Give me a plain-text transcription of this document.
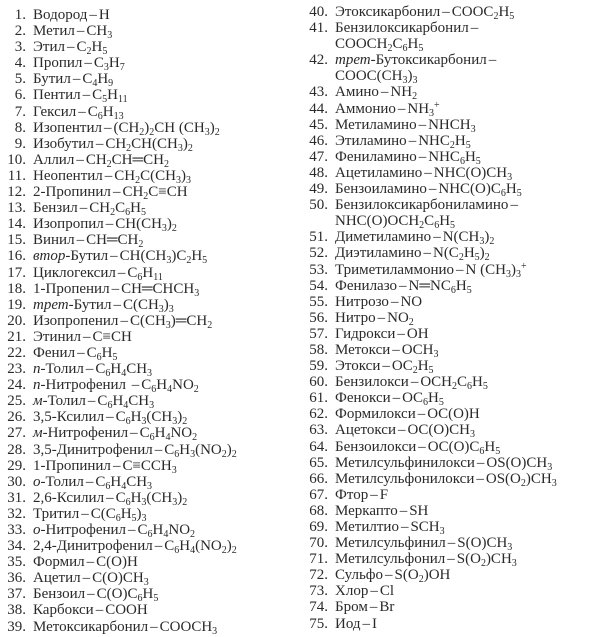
1. Водород – H
2. Метил – $CH_3$
3. Этил – $C_2H_5$
4. Пропил – $C_3H_7$
5. Бутил – $C_4H_9$
6. Пентил – $C_5H_{11}$
7. Гексил – $C_6H_{13}$
8. Изопентил – $(CH_2)_2CH$ $(CH_3)_2$
9. Изобутил – $CH_2CH(CH_3)_2$
10. Аллил – $CH_2CH═CH_2$
11. Неопентил – $CH_2C(CH_3)_3$
12. 2-Пропинил – $CH_2C\equiv CH$
13. Бензил – $CH_2C_6H_5$
14. Изопропил – $CH(CH_3)_2$
15. Винил – $CH═CH_2$
16. втор-Бутил – $CH(CH_3)C_2H_5$
17. Циклогексил – $C_6H_{11}$
18. 1-Пропенил – $CH═CHCH_3$
19. трет-Бутил – $C(CH_3)_3$
20. Изопропенил – $C(CH_3)═CH_2$
21. Этинил – C≡CH
22. Фенил – $C_6H_5$
23. п-Толил – $C_6H_4CH_3$
24. п-Нитрофенил – $C_6H_4NO_2$
25. м-Толил – $C_6H_4CH_3$
26. 3,5-Ксилил – $C_6H_3(CH_3)_2$
27. м-Нитрофенил – $C_6H_4NO_2$
28. 3,5-Динитрофенил – $C_6H_3(NO_2)_2$
29. 1-Пропинил – $C\equiv CCH_3$
30. о-Толил – $C_6H_4CH_3$
31. 2,6-Ксилил – $C_6H_3(CH_3)_2$
32. Тритил – $C(C_6H_5)_3$
33. о-Нитрофенил – $C_6H_4NO_2$
34. 2,4-Динитрофенил – $C_6H_4(NO_2)_2$
35. Формил – C(O)H
36. Ацетил – $C(O)CH_3$
37. Бензоил – $C(O)C_6H_5$
38. Карбокси – COOH
39. Метоксикарбонил – $COOCH_3$
40. Этоксикарбонил – $COOC_2H_5$
41. Бензилоксикарбонил –
$COOCH_2C_6H_5$
42. трет-Бутоксикарбонил –
$COOC(CH_3)_3$
43. Амино – $NH_2$
44. Аммонио – $NH_3^+$
45. Метиламино – $NHCH_3$
46. Этиламино – $NHC_2H_5$
47. Фениламино – $NHC_6H_5$
48. Ацетиламино – $NHC(O)CH_3$
49. Бензоиламино – $NHC(O)C_6H_5$
50. Бензилоксикарбониламино –
$NHC(O)OCH_2C_6H_5$
51. Диметиламино – $N(CH_3)_2$
52. Диэтиламино – $N(C_2H_5)_2$
53. Триметиламмонио – N $(CH_3)_3^+$
54. Фенилазо – $N═NC_6H_5$
55. Нитрозо – NO
56. Нитро – $NO_2$
57. Гидрокси – OH
58. Метокси – $OCH_3$
59. Этокси – $OC_2H_5$
60. Бензилокси – $OCH_2C_6H_5$
61. Фенокси – $OC_6H_5$
62. Формилокси – OC(O)H
63. Ацетокси – $OC(O)CH_3$
64. Бензоилокси – $OC(O)C_6H_5$
65. Метилсульфинилокси – $OS(O)CH_3$
66. Метилсульфонилокси – $OS(O_2)CH_3$
67. Фтор – F
68. Меркапто – SH
69. Метилтио – $SCH_3$
70. Метилсульфинил – $S(O)CH_3$
71. Метилсульфонил – $S(O_2)CH_3$
72. Сульфо – $S(O_2)OH$
73. Хлор – Cl
74. Бром – Br
75. Иод – I
